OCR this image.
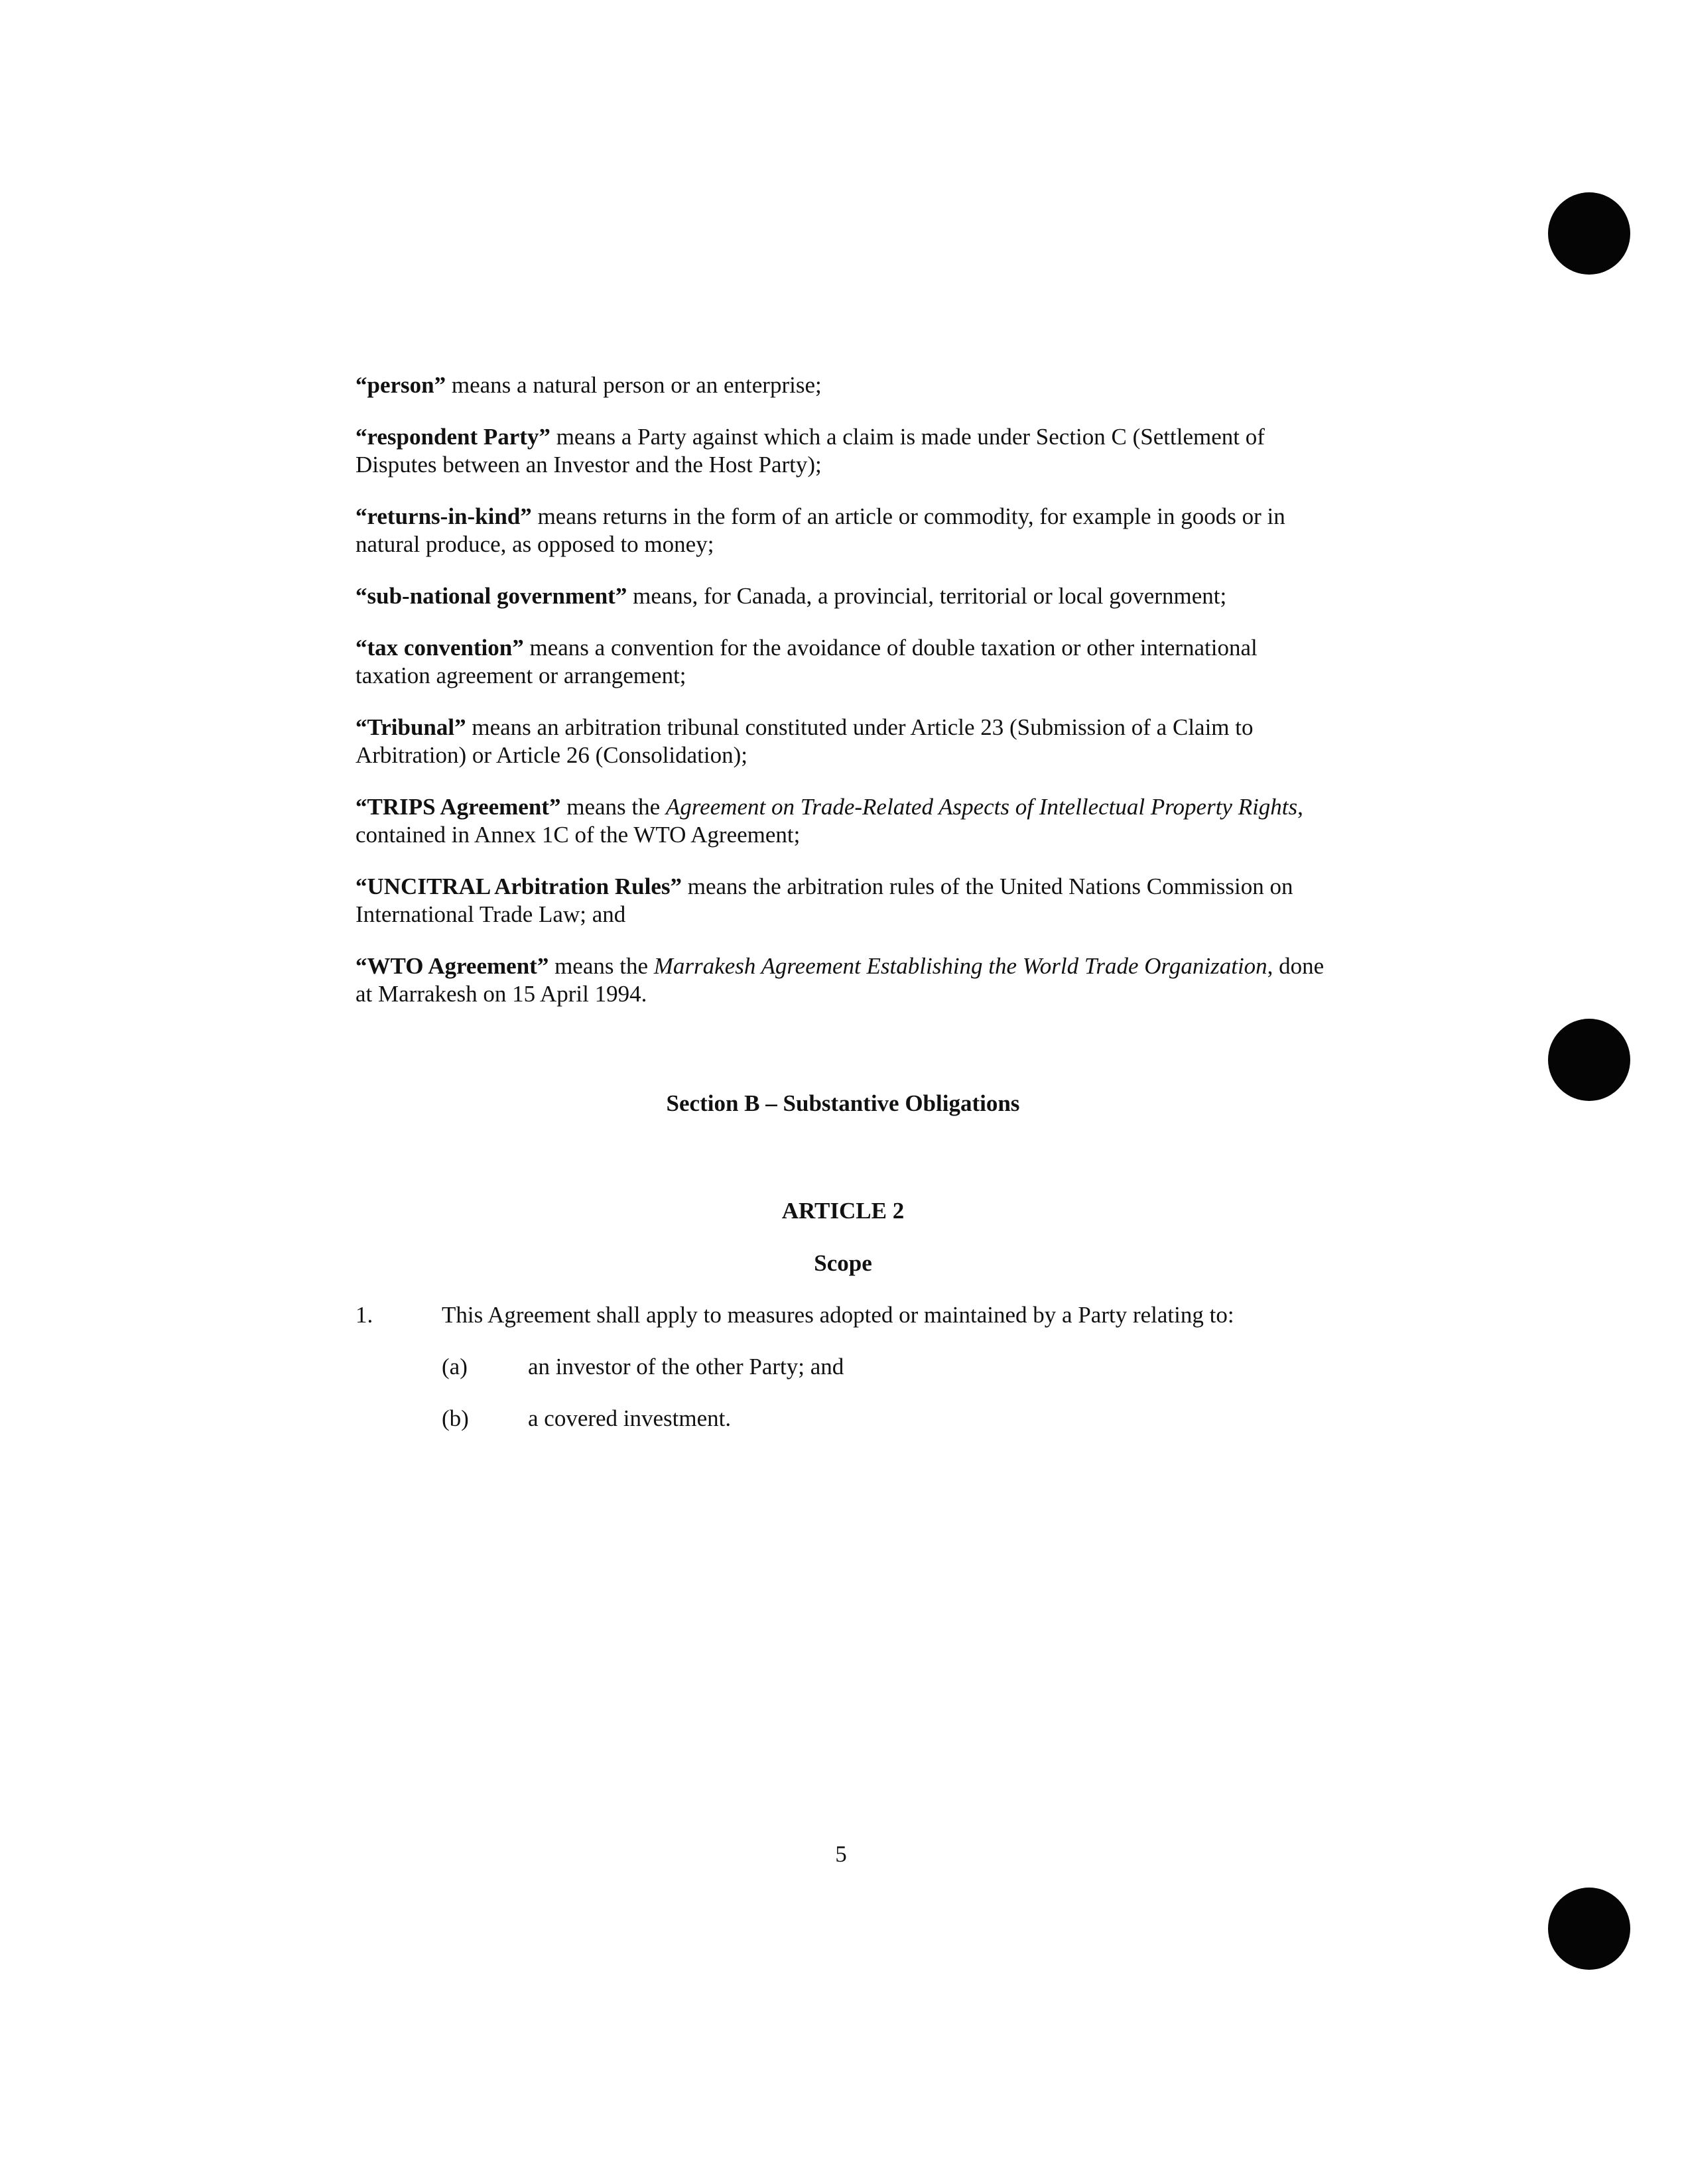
“person” means a natural person or an enterprise;

“respondent Party” means a Party against which a claim is made under Section C (Settlement of Disputes between an Investor and the Host Party);

“returns-in-kind” means returns in the form of an article or commodity, for example in goods or in natural produce, as opposed to money;

“sub-national government” means, for Canada, a provincial, territorial or local government;

“tax convention” means a convention for the avoidance of double taxation or other international taxation agreement or arrangement;

“Tribunal” means an arbitration tribunal constituted under Article 23 (Submission of a Claim to Arbitration) or Article 26 (Consolidation);

“TRIPS Agreement” means the Agreement on Trade-Related Aspects of Intellectual Property Rights, contained in Annex 1C of the WTO Agreement;

“UNCITRAL Arbitration Rules” means the arbitration rules of the United Nations Commission on International Trade Law; and

“WTO Agreement” means the Marrakesh Agreement Establishing the World Trade Organization, done at Marrakesh on 15 April 1994.

Section B – Substantive Obligations
ARTICLE 2
Scope
1.	This Agreement shall apply to measures adopted or maintained by a Party relating to:
(a)	an investor of the other Party; and
(b)	a covered investment.
5
